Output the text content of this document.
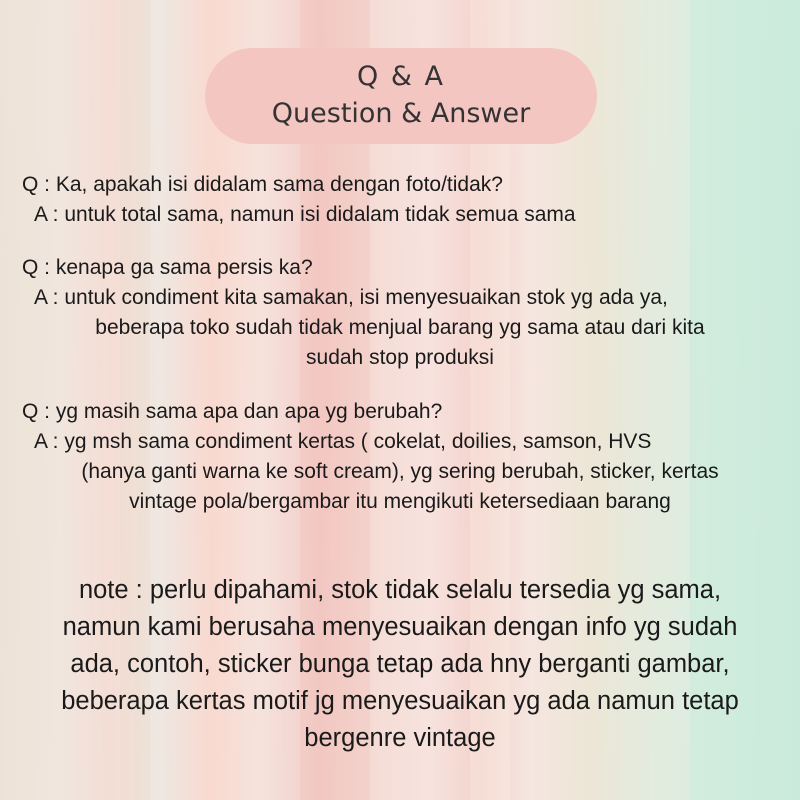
Q & A
Question & Answer
Q : Ka, apakah isi didalam sama dengan foto/tidak?
A : untuk total sama, namun isi didalam tidak semua sama
Q : kenapa ga sama persis ka?
A : untuk condiment kita samakan, isi menyesuaikan stok yg ada ya,
beberapa toko sudah tidak menjual barang yg sama atau dari kita
sudah stop produksi
Q : yg masih sama apa dan apa yg berubah?
A : yg msh sama condiment kertas ( cokelat, doilies, samson, HVS
(hanya ganti warna ke soft cream), yg sering berubah, sticker, kertas
vintage pola/bergambar itu mengikuti ketersediaan barang
note : perlu dipahami, stok tidak selalu tersedia yg sama,
namun kami berusaha menyesuaikan dengan info yg sudah
ada, contoh, sticker bunga tetap ada hny berganti gambar,
beberapa kertas motif jg menyesuaikan yg ada namun tetap
bergenre vintage
